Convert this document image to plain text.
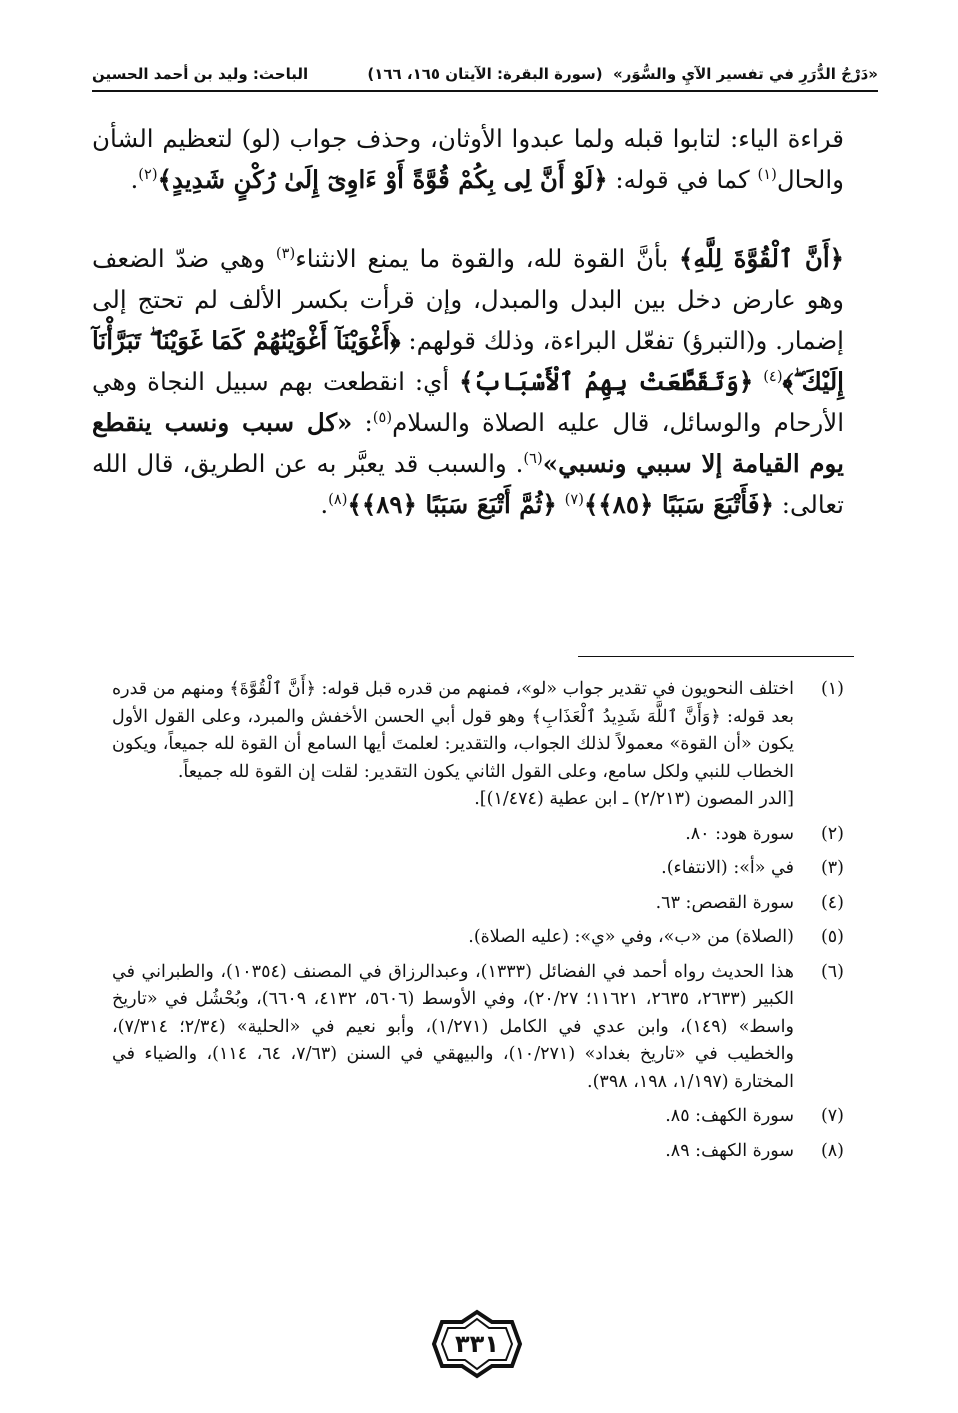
«دَرْجُ الدُّرَرِ في تفسير الآيِ والسُّوَر»
(سورة البقرة: الآيتان ١٦٥، ١٦٦)
الباحث: وليد بن أحمد الحسين

قراءة الياء: لتابوا قبله ولما عبدوا الأوثان، وحذف جواب (لو) لتعظيم الشأن والحال$^{(١)}$ كما في قوله: ﴿لَوْ أَنَّ لِى بِكُمْ قُوَّةً أَوْ ءَاوِىٓ إِلَىٰ رُكْنٍ شَدِيدٍ﴾$^{(٢)}$.

﴿أَنَّ ٱلْقُوَّةَ لِلَّهِ﴾ بأنَّ القوة لله، والقوة ما يمنع الانثناء$^{(٣)}$ وهي ضدّ الضعف وهو عارض دخل بين البدل والمبدل، وإن قرأت بكسر الألف لم تحتج إلى إضمار. و(التبرؤ) تفعّل البراءة، وذلك قولهم: ﴿أَغْوَيْنَآ أَغْوَيْنَٰهُمْ كَمَا غَوَيْنَا ۖ تَبَرَّأْنَآ إِلَيْكَ ۖ﴾$^{(٤)}$ ﴿وَتَقَطَّعَتْ بِهِمُ ٱلْأَسْبَابُ﴾ أي: انقطعت بهم سبيل النجاة وهي الأرحام والوسائل، قال عليه الصلاة والسلام$^{(٥)}$: «كل سبب ونسب ينقطع يوم القيامة إلا سببي ونسبي»$^{(٦)}$. والسبب قد يعبَّر به عن الطريق، قال الله تعالى: ﴿فَأَتْبَعَ سَبَبًا ﴿٨٥﴾﴾$^{(٧)}$ ﴿ثُمَّ أَتْبَعَ سَبَبًا ﴿٨٩﴾﴾$^{(٨)}$.

(١)
اختلف النحويون في تقدير جواب «لو»، فمنهم من قدره قبل قوله: ﴿أَنَّ ٱلْقُوَّةَ﴾ ومنهم من قدره بعد قوله: ﴿وَأَنَّ ٱللَّهَ شَدِيدُ ٱلْعَذَابِ﴾ وهو قول أبي الحسن الأخفش والمبرد، وعلى القول الأول يكون «أن القوة» معمولاً لذلك الجواب، والتقدير: لعلمتَ أيها السامع أن القوة لله جميعاً، ويكون الخطاب للنبي ولكل سامع، وعلى القول الثاني يكون التقدير: لقلت إن القوة لله جميعاً.
[الدر المصون (٢/٢١٣) ـ ابن عطية (١/٤٧٤)].
(٢)
سورة هود: ٨٠.
(٣)
في «أ»: (الانتفاء).
(٤)
سورة القصص: ٦٣.
(٥)
(الصلاة) من «ب»، وفي «ي»: (عليه الصلاة).
(٦)
هذا الحديث رواه أحمد في الفضائل (١٣٣٣)، وعبدالرزاق في المصنف (١٠٣٥٤)، والطبراني في الكبير (٢٦٣٣، ٢٦٣٥، ١١٦٢١؛ ٢٠/٢٧)، وفي الأوسط (٥٦٠٦، ٤١٣٢، ٦٦٠٩)، وبُحْشُل في «تاريخ واسط» (١٤٩)، وابن عدي في الكامل (١/٢٧١)، وأبو نعيم في «الحلية» (٢/٣٤؛ ٧/٣١٤)، والخطيب في «تاريخ بغداد» (١٠/٢٧١)، والبيهقي في السنن (٧/٦٣، ٦٤، ١١٤)، والضياء في المختارة (١/١٩٧، ١٩٨، ٣٩٨).
(٧)
سورة الكهف: ٨٥.
(٨)
سورة الكهف: ٨٩.
٣٣١
